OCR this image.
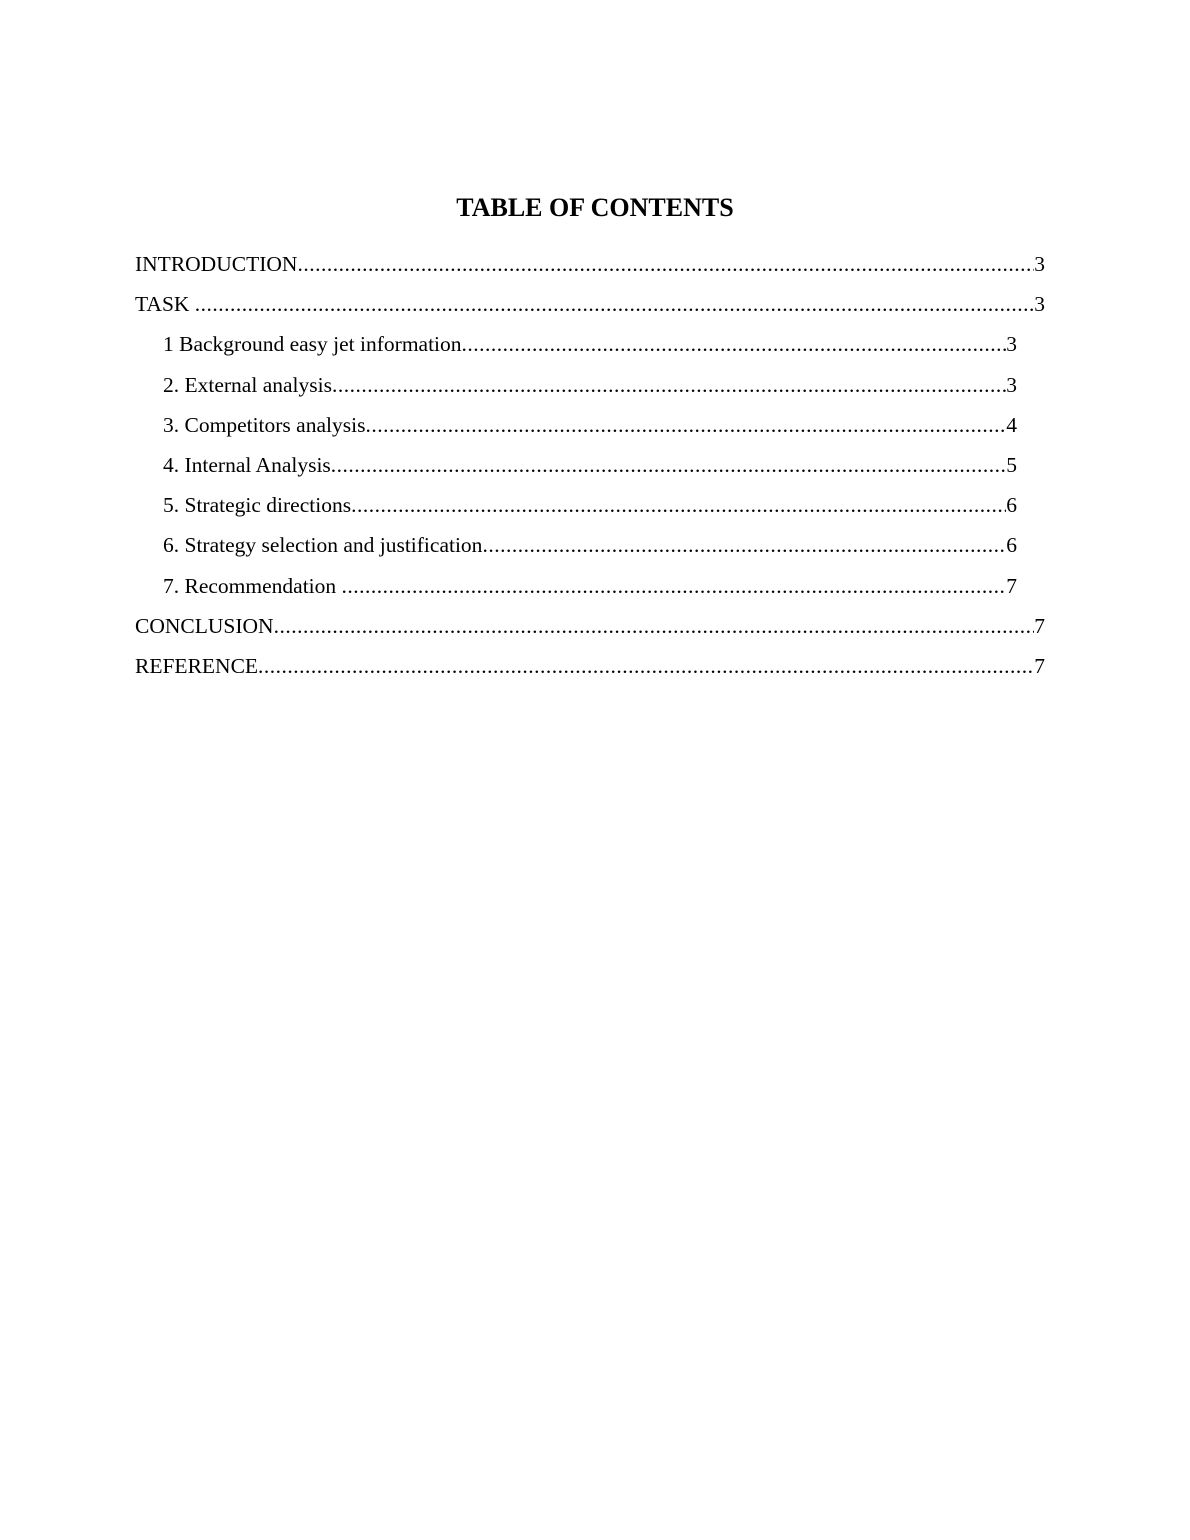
TABLE OF CONTENTS
INTRODUCTION .....	3
TASK .....	3
1 Background easy jet information .....	3
2. External analysis .....	3
3. Competitors analysis .....	4
4. Internal Analysis .....	5
5. Strategic directions .....	6
6. Strategy selection and justification .....	6
7. Recommendation .....	7
CONCLUSION .....	7
REFERENCE .....	7
